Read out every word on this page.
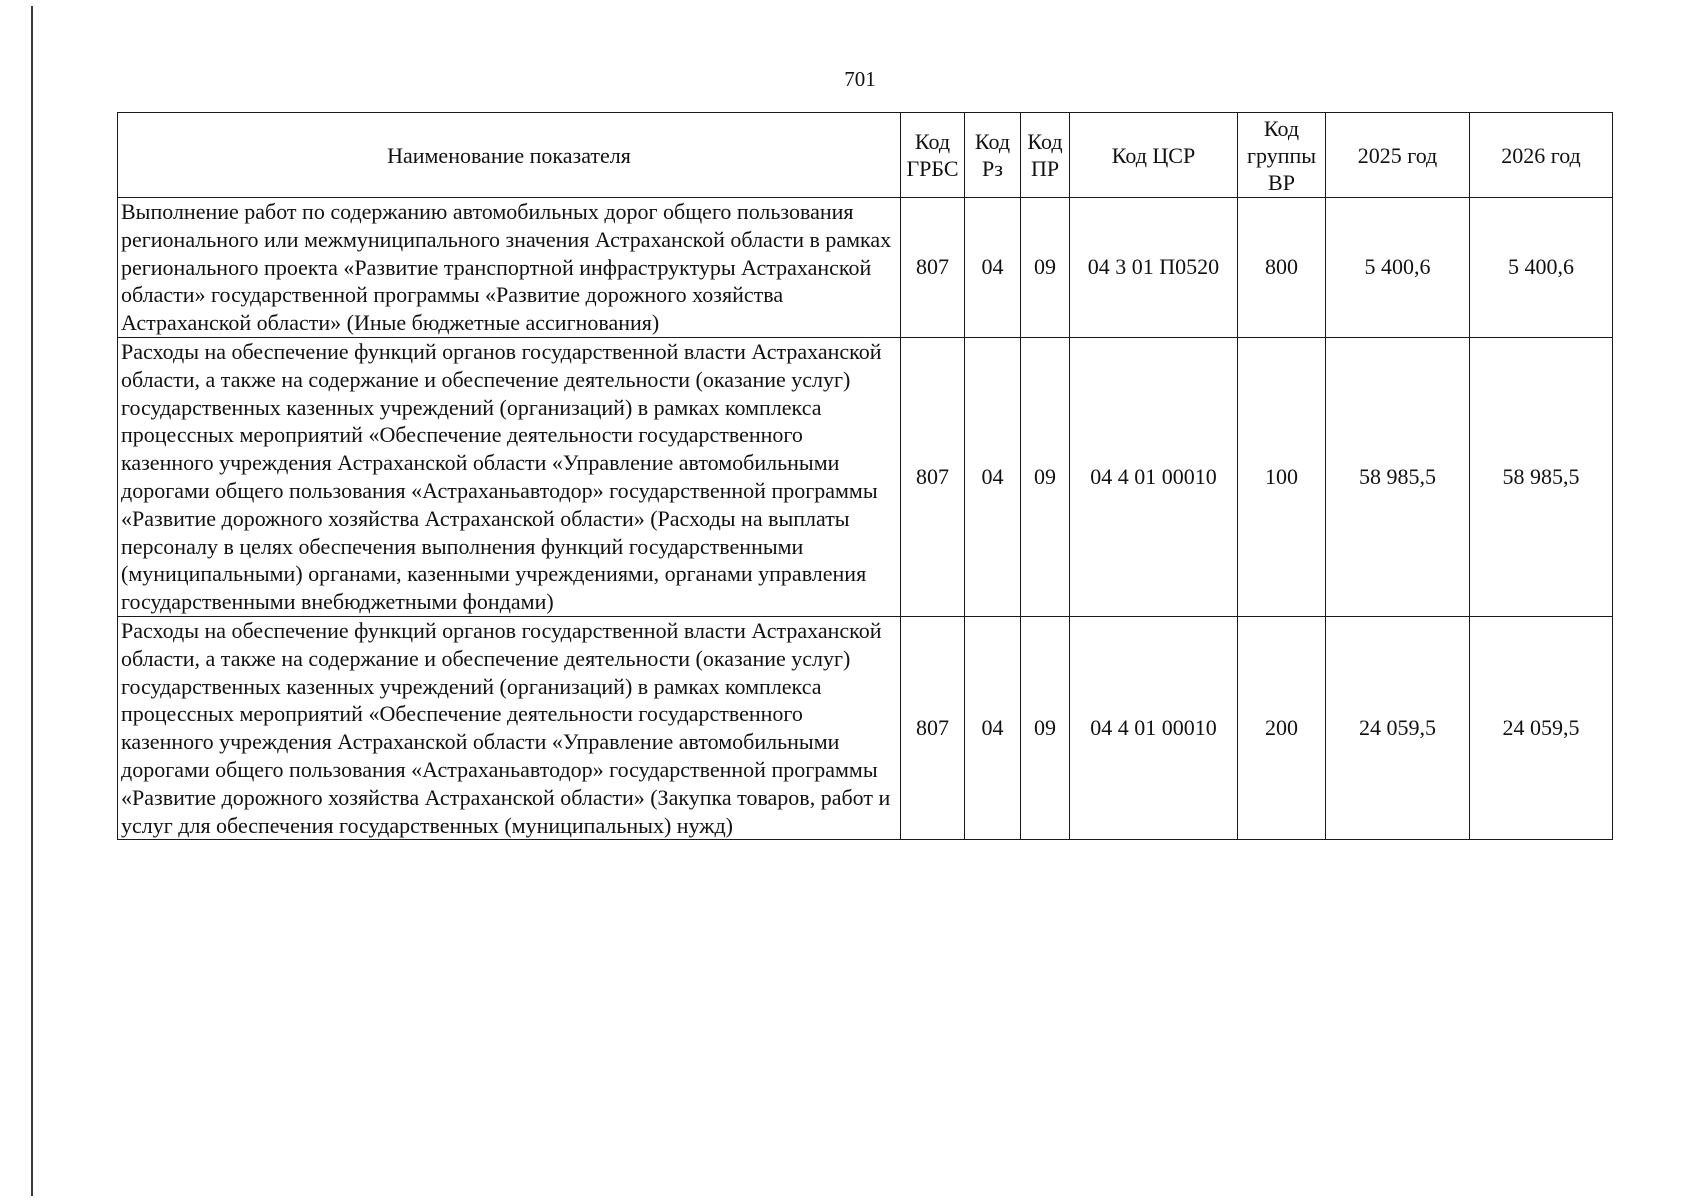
701
Наименование показателя	Код ГРБС	Код Рз	Код ПР	Код ЦСР	Код группы ВР	2025 год	2026 год
Выполнение работ по содержанию автомобильных дорог общего пользования регионального или межмуниципального значения Астраханской области в рамках регионального проекта «Развитие транспортной инфраструктуры Астраханской области» государственной программы «Развитие дорожного хозяйства Астраханской области» (Иные бюджетные ассигнования)	807	04	09	04 3 01 П0520	800	5 400,6	5 400,6
Расходы на обеспечение функций органов государственной власти Астраханской области, а также на содержание и обеспечение деятельности (оказание услуг) государственных казенных учреждений (организаций) в рамках комплекса процессных мероприятий «Обеспечение деятельности государственного казенного учреждения Астраханской области «Управление автомобильными дорогами общего пользования «Астраханьавтодор» государственной программы «Развитие дорожного хозяйства Астраханской области» (Расходы на выплаты персоналу в целях обеспечения выполнения функций государственными (муниципальными) органами, казенными учреждениями, органами управления государственными внебюджетными фондами)	807	04	09	04 4 01 00010	100	58 985,5	58 985,5
Расходы на обеспечение функций органов государственной власти Астраханской области, а также на содержание и обеспечение деятельности (оказание услуг) государственных казенных учреждений (организаций) в рамках комплекса процессных мероприятий «Обеспечение деятельности государственного казенного учреждения Астраханской области «Управление автомобильными дорогами общего пользования «Астраханьавтодор» государственной программы «Развитие дорожного хозяйства Астраханской области» (Закупка товаров, работ и услуг для обеспечения государственных (муниципальных) нужд)	807	04	09	04 4 01 00010	200	24 059,5	24 059,5
